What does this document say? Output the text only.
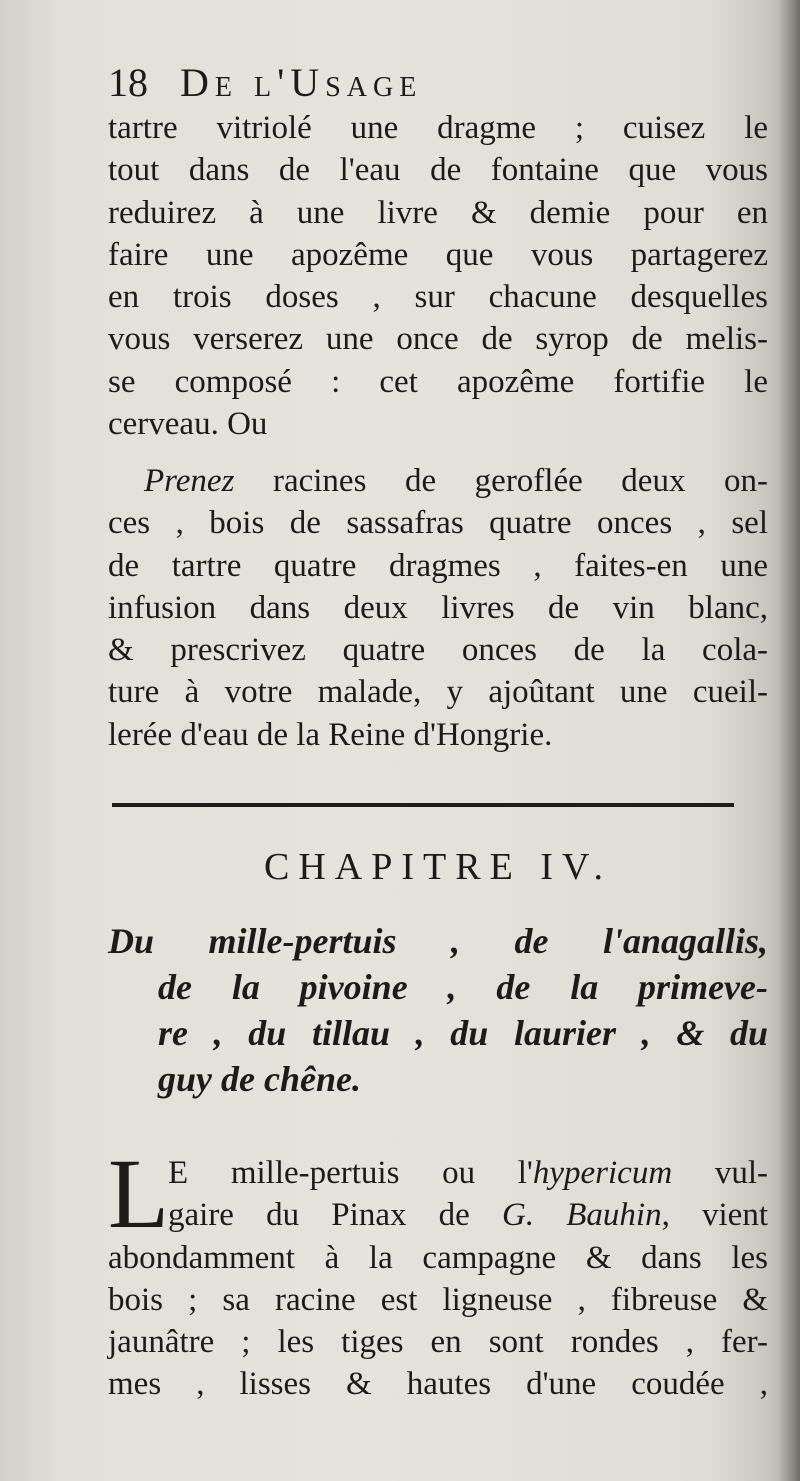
18 De l'Usage
tartre vitriolé une dragme ; cuisez le
tout dans de l'eau de fontaine que vous
reduirez à une livre & demie pour en
faire une apozême que vous partagerez
en trois doses , sur chacune desquelles
vous verserez une once de syrop de melis-
se composé : cet apozême fortifie le
cerveau. Ou
Prenez racines de geroflée deux on-
ces , bois de sassafras quatre onces , sel
de tartre quatre dragmes , faites-en une
infusion dans deux livres de vin blanc,
& prescrivez quatre onces de la cola-
ture à votre malade, y ajoûtant une cueil-
lerée d'eau de la Reine d'Hongrie.
CHAPITRE IV.
Du mille-pertuis , de l'anagallis,
de la pivoine , de la primeve-
re , du tillau , du laurier , & du
guy de chêne.
L
E mille-pertuis ou l'hypericum vul-
gaire du Pinax de G. Bauhin, vient
abondamment à la campagne & dans les
bois ; sa racine est ligneuse , fibreuse &
jaunâtre ; les tiges en sont rondes , fer-
mes , lisses & hautes d'une coudée ,
